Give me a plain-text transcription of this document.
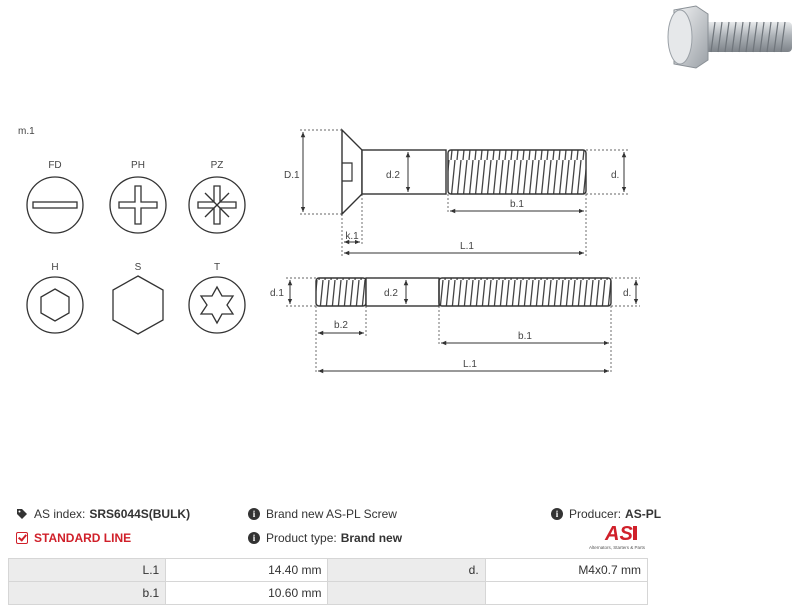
m.1
FD	PH	PZ
H	S	T
D.1	d.2	d.
b.1
k.1
L.1
d.1	d.2	d.
b.2
b.1
L.1
AS index: SRS6044S(BULK)	i Brand new AS-PL Screw	i Producer: AS-PL
STANDARD LINE	i Product type: Brand new	AS
Alternators, Starters & Parts
L.1	14.40 mm	d.	M4x0.7 mm
b.1	10.60 mm		
